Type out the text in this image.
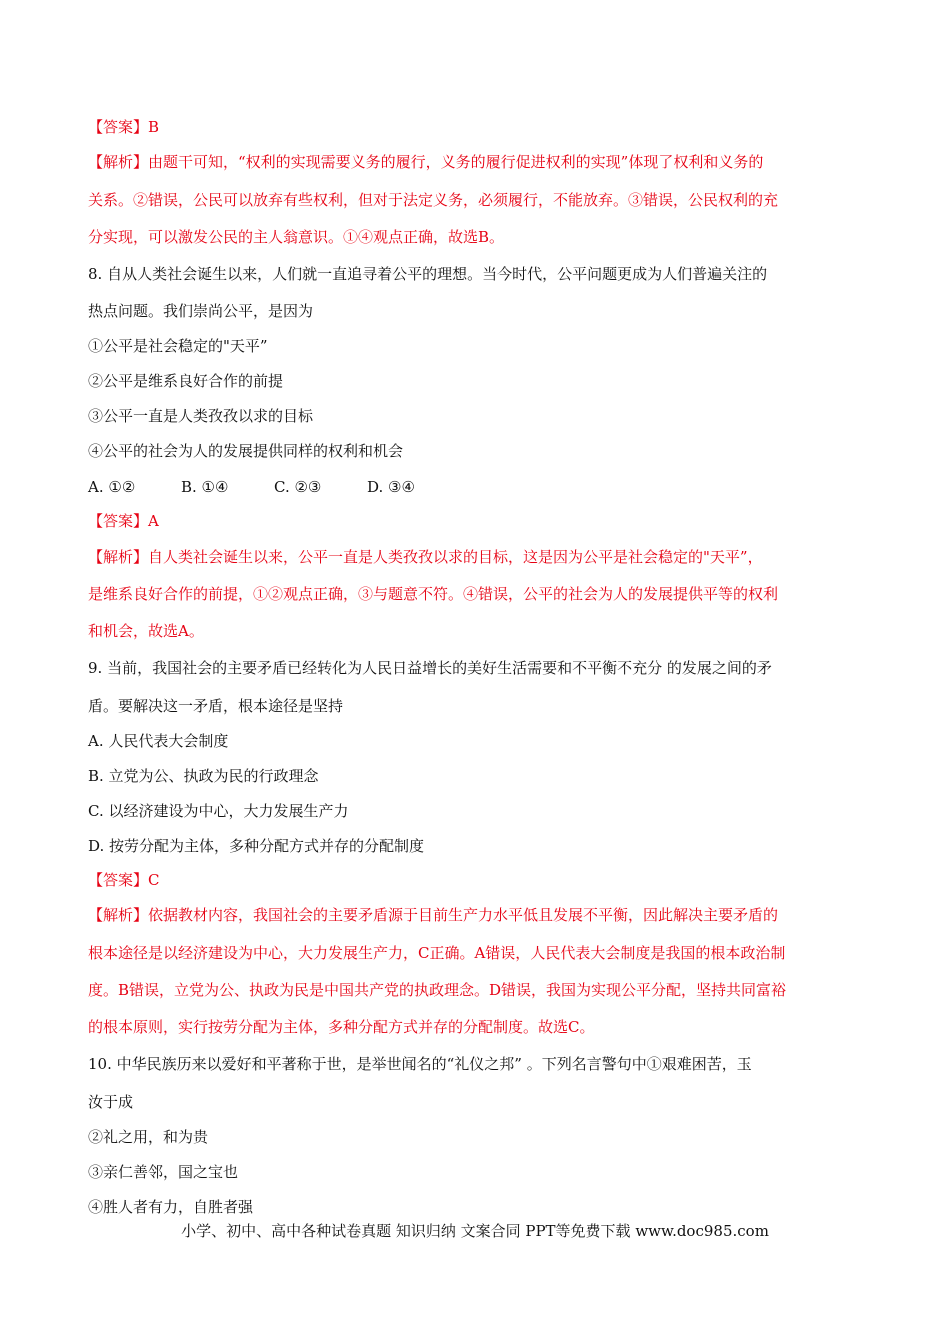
【答案】B
【解析】由题干可知，“权利的实现需要义务的履行，义务的履行促进权利的实现”体现了权利和义务的
关系。②错误，公民可以放弃有些权利，但对于法定义务，必须履行，不能放弃。③错误，公民权利的充
分实现，可以激发公民的主人翁意识。①④观点正确，故选B。
8. 自从人类社会诞生以来，人们就一直追寻着公平的理想。当今时代，公平问题更成为人们普遍关注的
热点问题。我们崇尚公平，是因为
①公平是社会稳定的"天平”
②公平是维系良好合作的前提
③公平一直是人类孜孜以求的目标
④公平的社会为人的发展提供同样的权利和机会
A. ①②	B. ①④	C. ②③	D. ③④
【答案】A
【解析】自人类社会诞生以来，公平一直是人类孜孜以求的目标，这是因为公平是社会稳定的"天平”，
是维系良好合作的前提，①②观点正确，③与题意不符。④错误，公平的社会为人的发展提供平等的权利
和机会，故选A。
9. 当前，我国社会的主要矛盾已经转化为人民日益增长的美好生活需要和不平衡不充分 的发展之间的矛
盾。要解决这一矛盾，根本途径是坚持
A. 人民代表大会制度
B. 立党为公、执政为民的行政理念
C. 以经济建设为中心，大力发展生产力
D. 按劳分配为主体，多种分配方式并存的分配制度
【答案】C
【解析】依据教材内容，我国社会的主要矛盾源于目前生产力水平低且发展不平衡，因此解决主要矛盾的
根本途径是以经济建设为中心，大力发展生产力，C正确。A错误，人民代表大会制度是我国的根本政治制
度。B错误，立党为公、执政为民是中国共产党的执政理念。D错误，我国为实现公平分配，坚持共同富裕
的根本原则，实行按劳分配为主体，多种分配方式并存的分配制度。故选C。
10. 中华民族历来以爱好和平著称于世，是举世闻名的“礼仪之邦” 。下列名言警句中①艰难困苦，玉
汝于成
②礼之用，和为贵
③亲仁善邻，国之宝也
④胜人者有力，自胜者强
小学、初中、高中各种试卷真题 知识归纳 文案合同 PPT等免费下载 www.doc985.com
